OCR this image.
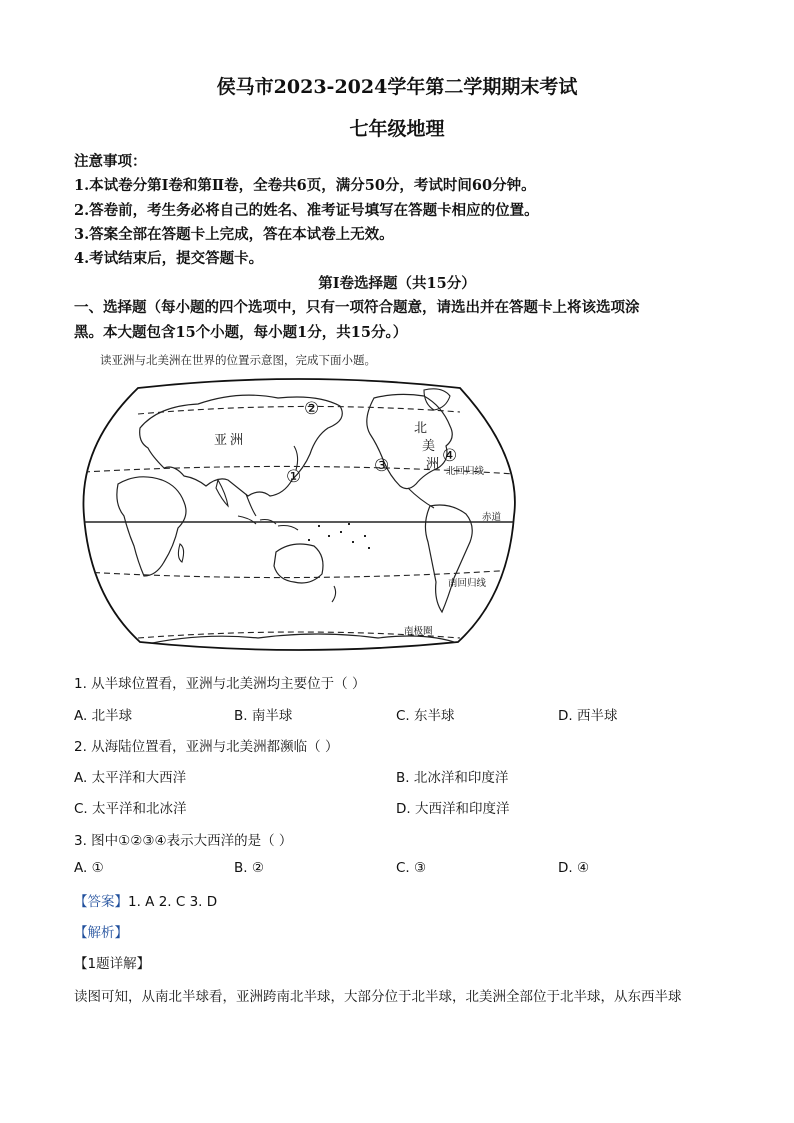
侯马市2023-2024学年第二学期期末考试
七年级地理
注意事项：
1.本试卷分第Ⅰ卷和第Ⅱ卷，全卷共6页，满分50分，考试时间60分钟。
2.答卷前，考生务必将自己的姓名、准考证号填写在答题卡相应的位置。
3.答案全部在答题卡上完成，答在本试卷上无效。
4.考试结束后，提交答题卡。
第Ⅰ卷选择题（共15分）
一、选择题（每小题的四个选项中，只有一项符合题意，请选出并在答题卡上将该选项涂
黑。本大题包含15个小题，每小题1分，共15分。）
读亚洲与北美洲在世界的位置示意图，完成下面小题。
亚 洲
北
美
洲
①
②
③	④
北回归线
赤道
南回归线
南极圈
1. 从半球位置看，亚洲与北美洲均主要位于（ ）
A. 北半球	B. 南半球	C. 东半球	D. 西半球
2. 从海陆位置看，亚洲与北美洲都濒临（ ）
A. 太平洋和大西洋	B. 北冰洋和印度洋
C. 太平洋和北冰洋	D. 大西洋和印度洋
3. 图中①②③④表示大西洋的是（ ）
A. ①	B. ②	C. ③	D. ④
【答案】1. A 2. C 3. D
【解析】
【1题详解】
读图可知，从南北半球看，亚洲跨南北半球，大部分位于北半球，北美洲全部位于北半球，从东西半球
